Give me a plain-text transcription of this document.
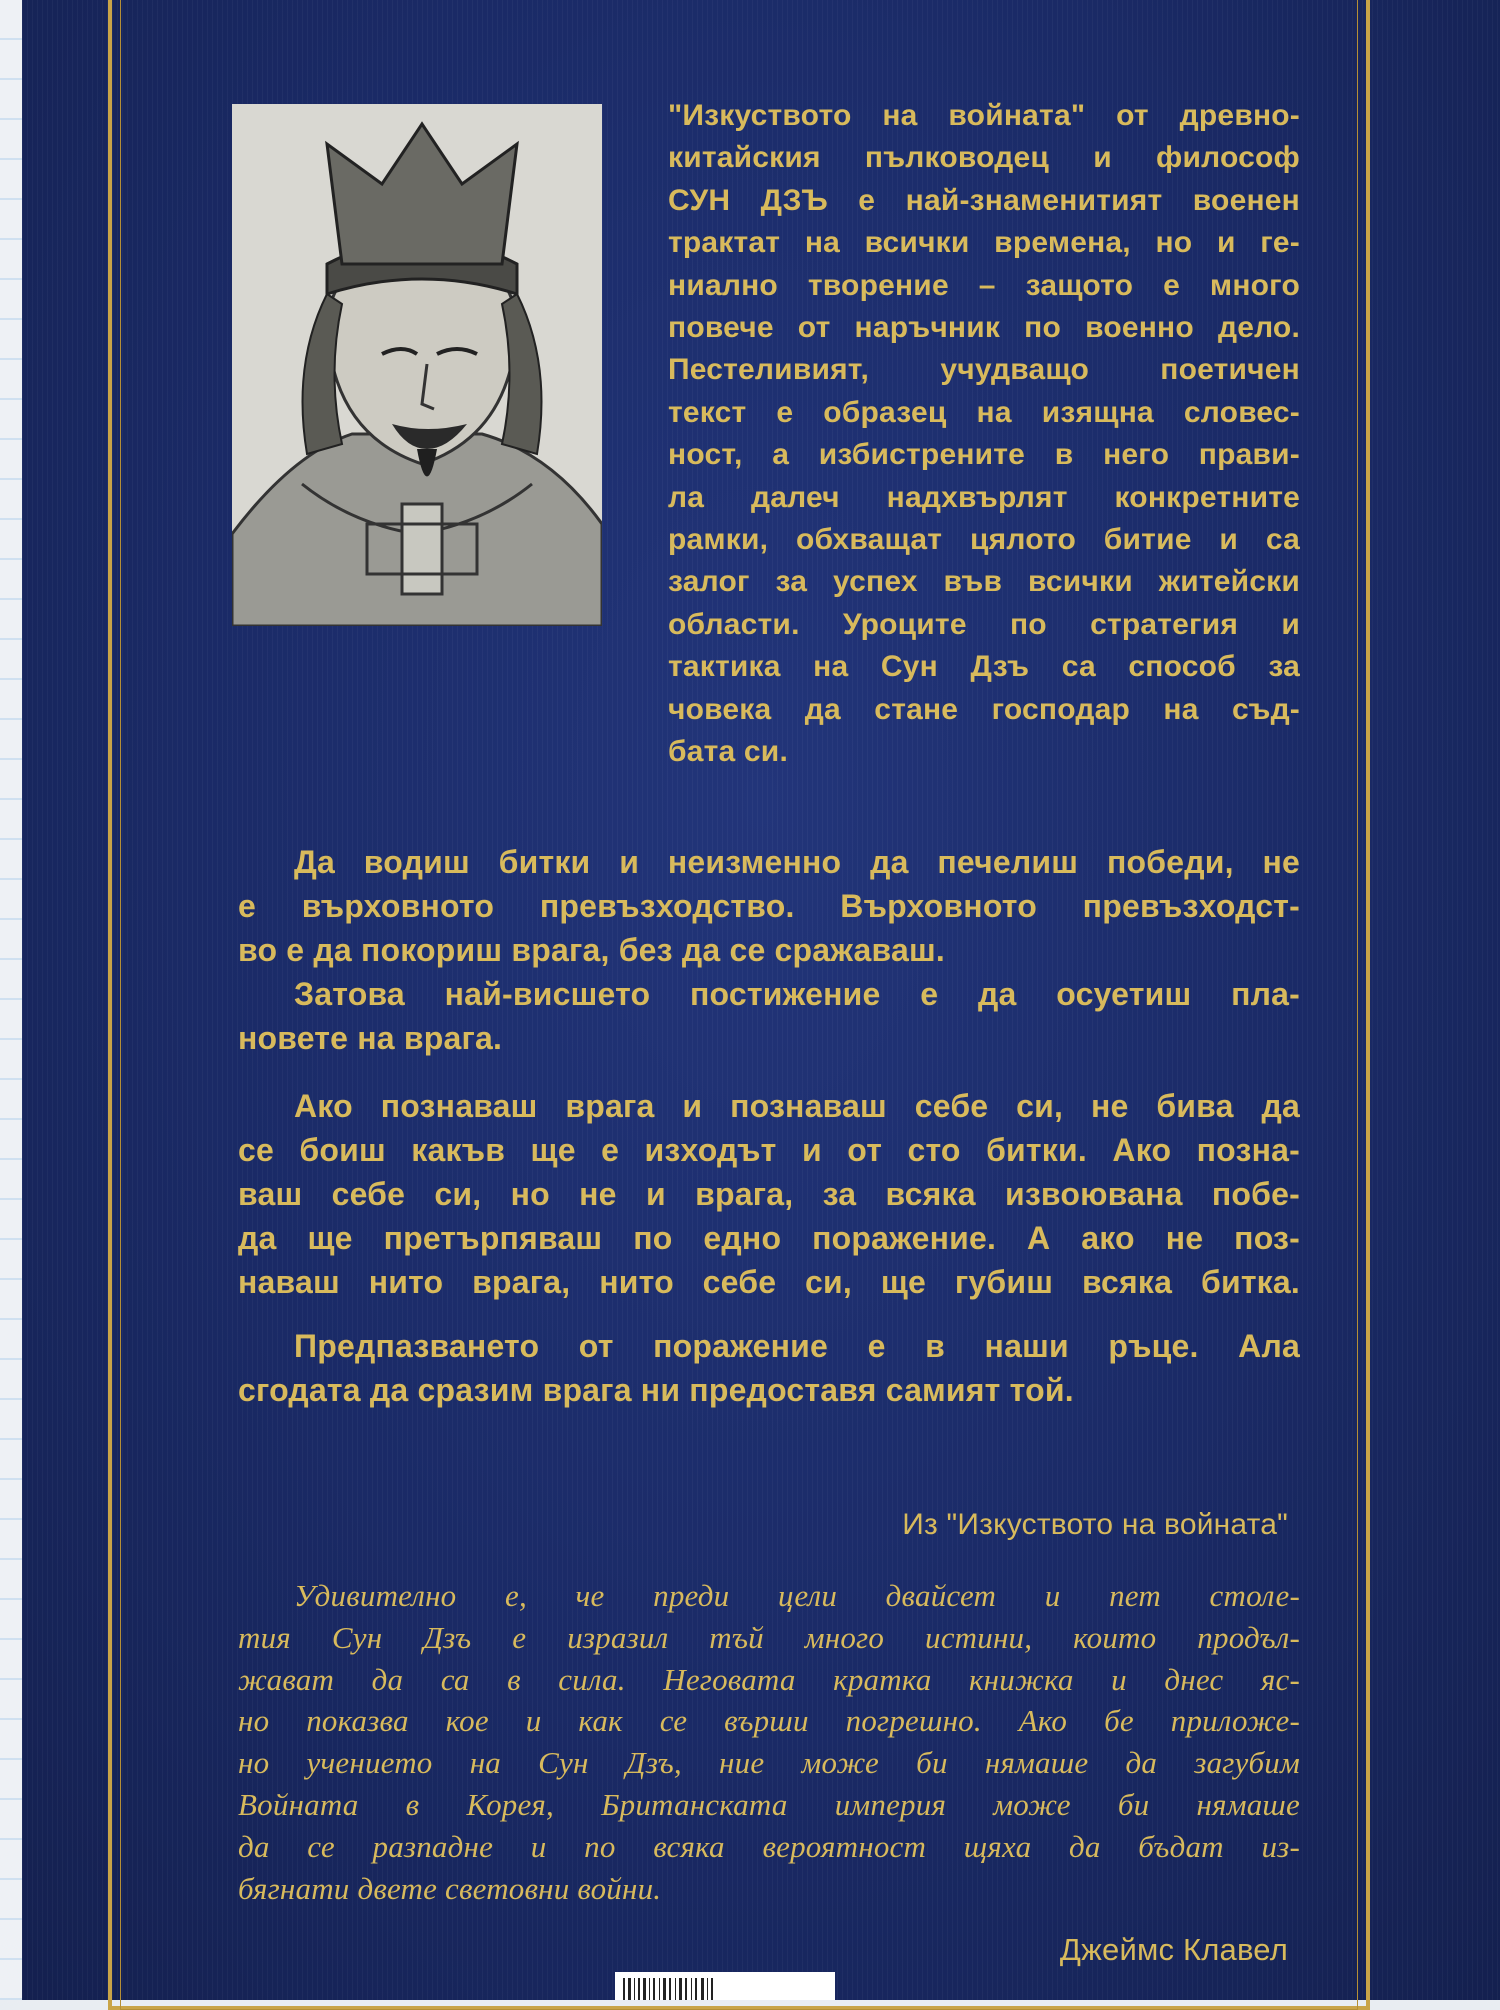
"Изкуството на войната" от древно-
китайския пълководец и философ
СУН ДЗЪ е най-знаменитият военен
трактат на всички времена, но и ге-
ниално творение – защото е много
повече от наръчник по военно дело.
Пестеливият, учудващо поетичен
текст е образец на изящна словес-
ност, а избистрените в него прави-
ла далеч надхвърлят конкретните
рамки, обхващат цялото битие и са
залог за успех във всички житейски
области. Уроците по стратегия и
тактика на Сун Дзъ са способ за
човека да стане господар на съд-
бата си.
Да водиш битки и неизменно да печелиш победи, не
е върховното превъзходство. Върховното превъзходст-
во е да покориш врага, без да се сражаваш.
Затова най-висшето постижение е да осуетиш пла-
новете на врага.
Ако познаваш врага и познаваш себе си, не бива да
се боиш какъв ще е изходът и от сто битки. Ако позна-
ваш себе си, но не и врага, за всяка извоювана побе-
да ще претърпяваш по едно поражение. А ако не поз-
наваш нито врага, нито себе си, ще губиш всяка битка.
Предпазването от поражение е в наши ръце. Ала
сгодата да сразим врага ни предоставя самият той.
Из "Изкуството на войната"
Удивително е, че преди цели двайсет и пет столе-
тия Сун Дзъ е изразил тъй много истини, които продъл-
жават да са в сила. Неговата кратка книжка и днес яс-
но показва кое и как се върши погрешно. Ако бе приложе-
но учението на Сун Дзъ, ние може би нямаше да загубим
Войната в Корея, Британската империя може би нямаше
да се разпадне и по всяка вероятност щяха да бъдат из-
бягнати двете световни войни.
Джеймс Клавел
